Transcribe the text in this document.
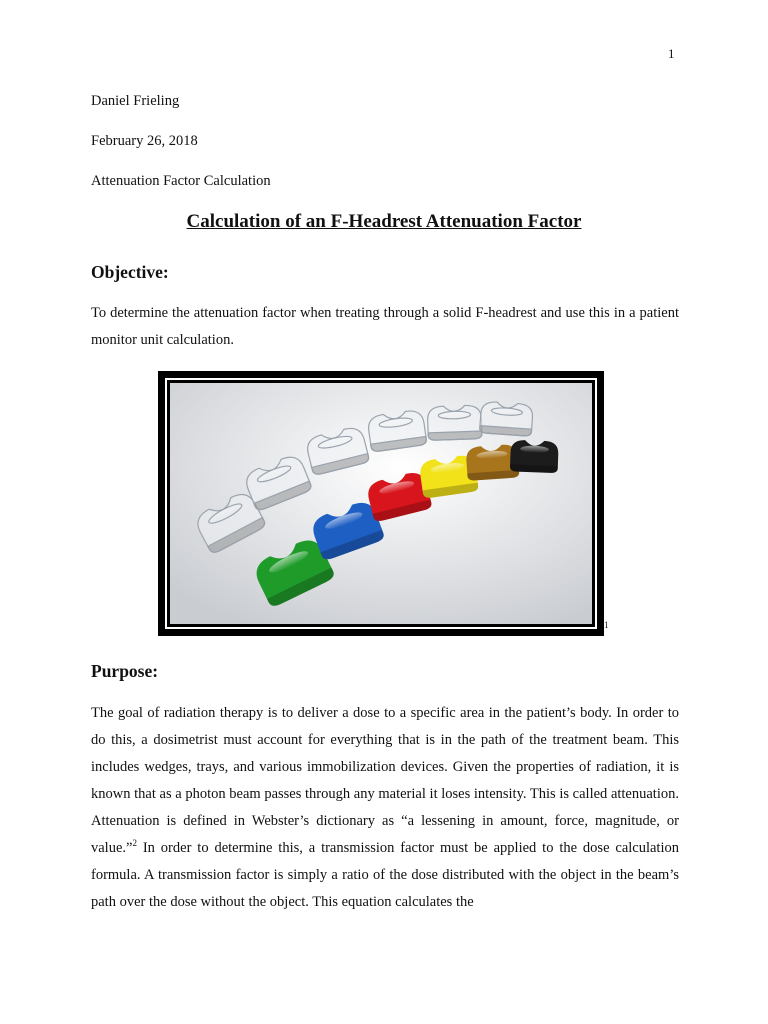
1
Daniel Frieling
February 26, 2018
Attenuation Factor Calculation
Calculation of an F-Headrest Attenuation Factor
Objective:
To determine the attenuation factor when treating through a solid F-headrest and use this in a patient monitor unit calculation.
1
Purpose:
The goal of radiation therapy is to deliver a dose to a specific area in the patient’s body. In order to do this, a dosimetrist must account for everything that is in the path of the treatment beam. This includes wedges, trays, and various immobilization devices. Given the properties of radiation, it is known that as a photon beam passes through any material it loses intensity. This is called attenuation. Attenuation is defined in Webster’s dictionary as “a lessening in amount, force, magnitude, or value.”$^2$ In order to determine this, a transmission factor must be applied to the dose calculation formula. A transmission factor is simply a ratio of the dose distributed with the object in the beam’s path over the dose without the object. This equation calculates the
